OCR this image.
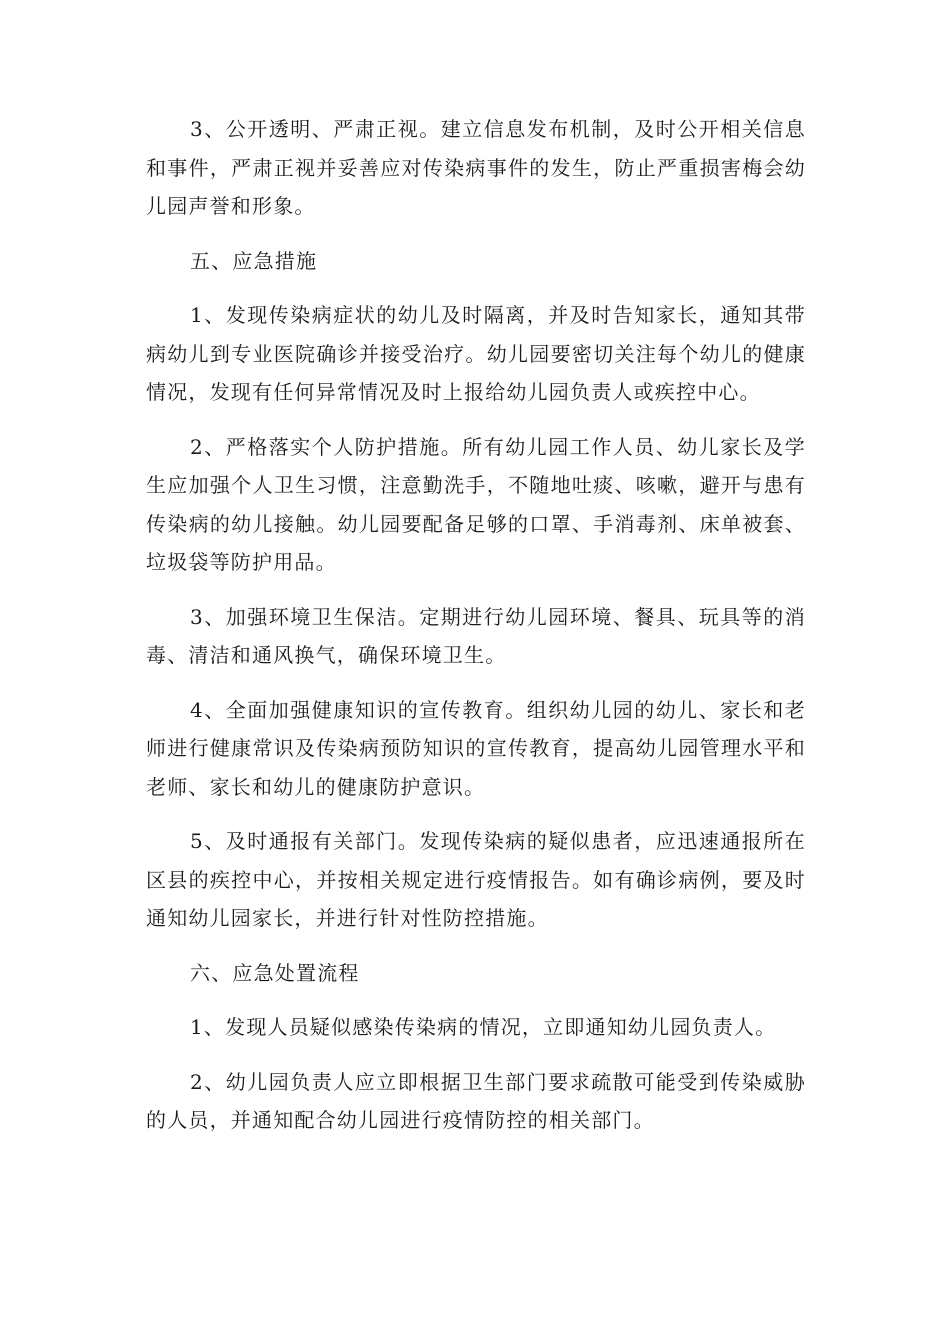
3、公开透明、严肃正视。建立信息发布机制，及时公开相关信息和事件，严肃正视并妥善应对传染病事件的发生，防止严重损害梅会幼儿园声誉和形象。

五、应急措施

1、发现传染病症状的幼儿及时隔离，并及时告知家长，通知其带病幼儿到专业医院确诊并接受治疗。幼儿园要密切关注每个幼儿的健康情况，发现有任何异常情况及时上报给幼儿园负责人或疾控中心。

2、严格落实个人防护措施。所有幼儿园工作人员、幼儿家长及学生应加强个人卫生习惯，注意勤洗手，不随地吐痰、咳嗽，避开与患有传染病的幼儿接触。幼儿园要配备足够的口罩、手消毒剂、床单被套、垃圾袋等防护用品。

3、加强环境卫生保洁。定期进行幼儿园环境、餐具、玩具等的消毒、清洁和通风换气，确保环境卫生。

4、全面加强健康知识的宣传教育。组织幼儿园的幼儿、家长和老师进行健康常识及传染病预防知识的宣传教育，提高幼儿园管理水平和老师、家长和幼儿的健康防护意识。

5、及时通报有关部门。发现传染病的疑似患者，应迅速通报所在区县的疾控中心，并按相关规定进行疫情报告。如有确诊病例，要及时通知幼儿园家长，并进行针对性防控措施。

六、应急处置流程

1、发现人员疑似感染传染病的情况，立即通知幼儿园负责人。

2、幼儿园负责人应立即根据卫生部门要求疏散可能受到传染威胁的人员，并通知配合幼儿园进行疫情防控的相关部门。
